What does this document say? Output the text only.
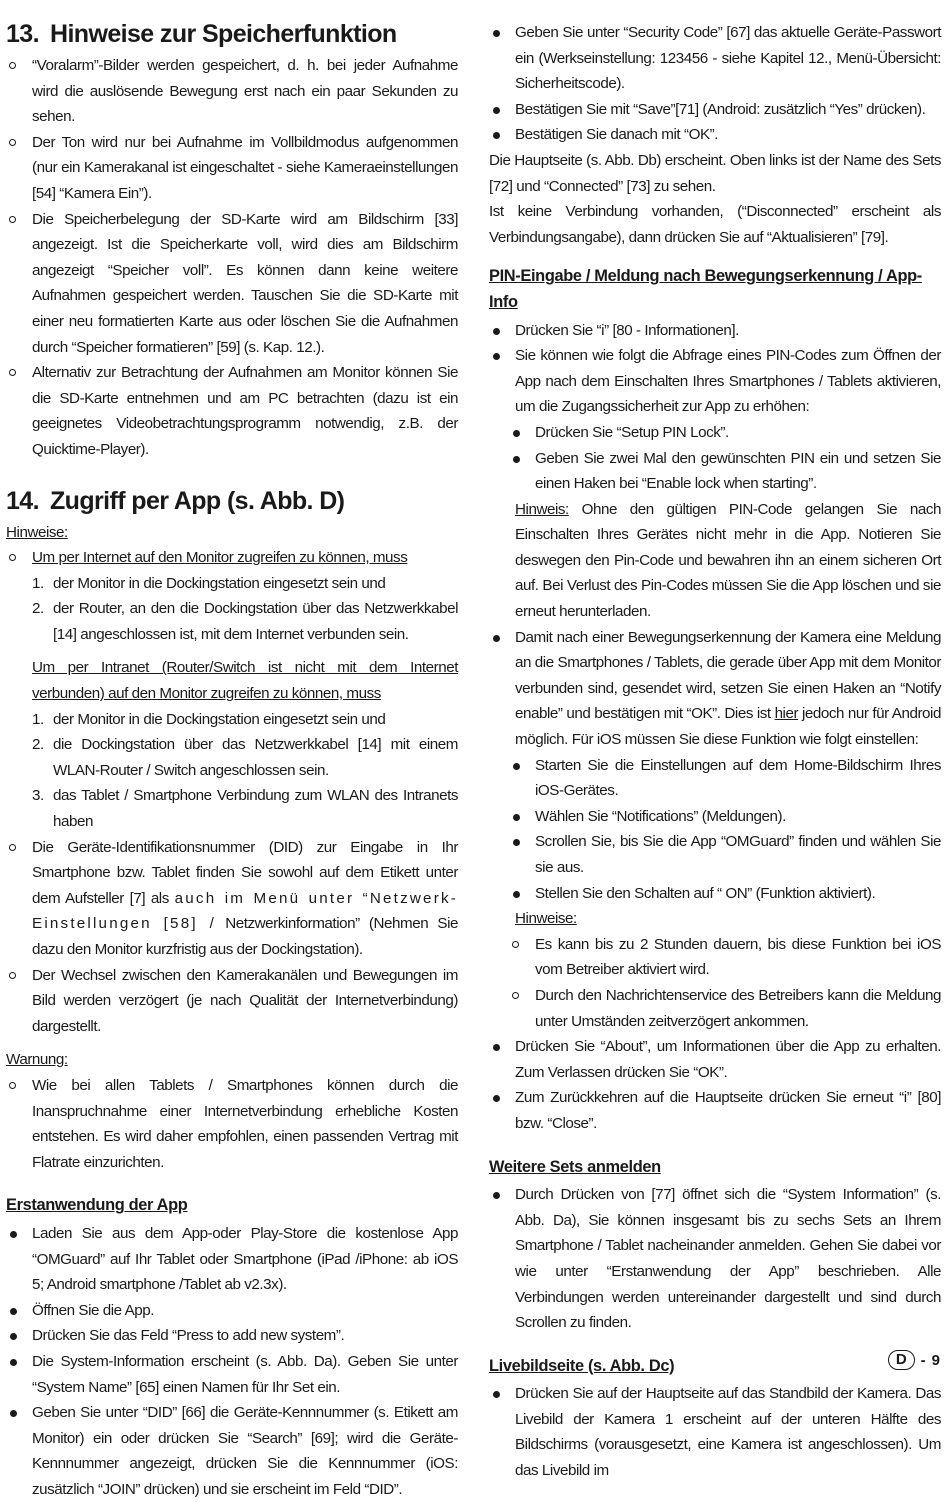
13. Hinweise zur Speicherfunktion
“Voralarm”-Bilder werden gespeichert, d. h. bei jeder Aufnahme wird die auslösende Bewegung erst nach ein paar Sekunden zu sehen.
Der Ton wird nur bei Aufnahme im Vollbildmodus aufgenommen (nur ein Kamerakanal ist eingeschaltet - siehe Kameraeinstellungen [54] “Kamera Ein”).
Die Speicherbelegung der SD-Karte wird am Bildschirm [33] angezeigt. Ist die Speicherkarte voll, wird dies am Bildschirm angezeigt “Speicher voll”. Es können dann keine weitere Aufnahmen gespeichert werden. Tauschen Sie die SD-Karte mit einer neu formatierten Karte aus oder löschen Sie die Aufnahmen durch “Speicher formatieren” [59] (s. Kap. 12.).
Alternativ zur Betrachtung der Aufnahmen am Monitor können Sie die SD-Karte entnehmen und am PC betrachten (dazu ist ein geeignetes Videobetrachtungsprogramm notwendig, z.B. der Quicktime-Player).
14. Zugriff per App (s. Abb. D)

Hinweise:

Um per Internet auf den Monitor zugreifen zu können, muss
1. der Monitor in die Dockingstation eingesetzt sein und
2. der Router, an den die Dockingstation über das Netzwerkkabel [14] angeschlossen ist, mit dem Internet verbunden sein.

Um per Intranet (Router/Switch ist nicht mit dem Internet verbunden) auf den Monitor zugreifen zu können, muss

1. der Monitor in die Dockingstation eingesetzt sein und
2. die Dockingstation über das Netzwerkkabel [14] mit einem WLAN-Router / Switch angeschlossen sein.
3. das Tablet / Smartphone Verbindung zum WLAN des Intranets haben
Die Geräte-Identifikationsnummer (DID) zur Eingabe in Ihr Smartphone bzw. Tablet finden Sie sowohl auf dem Etikett unter dem Aufsteller [7] als auch im Menü unter “Netzwerk-Einstellungen [58] / Netzwerkinformation” (Nehmen Sie dazu den Monitor kurzfristig aus der Dockingstation).
Der Wechsel zwischen den Kamerakanälen und Bewegungen im Bild werden verzögert (je nach Qualität der Internetverbindung) dargestellt.

Warnung:

Wie bei allen Tablets / Smartphones können durch die Inanspruchnahme einer Internetverbindung erhebliche Kosten entstehen. Es wird daher empfohlen, einen passenden Vertrag mit Flatrate einzurichten.
Erstanwendung der App
Laden Sie aus dem App-oder Play-Store die kostenlose App “OMGuard” auf Ihr Tablet oder Smartphone (iPad /iPhone: ab iOS 5; Android smartphone /Tablet ab v2.3x).
Öffnen Sie die App.
Drücken Sie das Feld “Press to add new system”.
Die System-Information erscheint (s. Abb. Da). Geben Sie unter “System Name” [65] einen Namen für Ihr Set ein.
Geben Sie unter “DID” [66] die Geräte-Kennnummer (s. Etikett am Monitor) ein oder drücken Sie “Search” [69]; wird die Geräte-Kennnummer angezeigt, drücken Sie die Kennnummer (iOS: zusätzlich “JOIN” drücken) und sie erscheint im Feld “DID”.
Geben Sie unter “Security Code” [67] das aktuelle Geräte-Passwort ein (Werkseinstellung: 123456 - siehe Kapitel 12., Menü-Übersicht: Sicherheitscode).
Bestätigen Sie mit “Save”[71] (Android: zusätzlich “Yes” drücken).
Bestätigen Sie danach mit “OK”.

Die Hauptseite (s. Abb. Db) erscheint. Oben links ist der Name des Sets [72] und “Connected” [73] zu sehen.

Ist keine Verbindung vorhanden, (“Disconnected” erscheint als Verbindungsangabe), dann drücken Sie auf “Aktualisieren” [79].

PIN-Eingabe / Meldung nach Bewegungserkennung / App-Info
Drücken Sie “i” [80 - Informationen].
Sie können wie folgt die Abfrage eines PIN-Codes zum Öffnen der App nach dem Einschalten Ihres Smartphones / Tablets aktivieren, um die Zugangssicherheit zur App zu erhöhen:
Drücken Sie “Setup PIN Lock”.
Geben Sie zwei Mal den gewünschten PIN ein und setzen Sie einen Haken bei “Enable lock when starting”.

Hinweis: Ohne den gültigen PIN-Code gelangen Sie nach Einschalten Ihres Gerätes nicht mehr in die App. Notieren Sie deswegen den Pin-Code und bewahren ihn an einem sicheren Ort auf. Bei Verlust des Pin-Codes müssen Sie die App löschen und sie erneut herunterladen.

Damit nach einer Bewegungserkennung der Kamera eine Meldung an die Smartphones / Tablets, die gerade über App mit dem Monitor verbunden sind, gesendet wird, setzen Sie einen Haken an “Notify enable” und bestätigen mit “OK”. Dies ist hier jedoch nur für Android möglich. Für iOS müssen Sie diese Funktion wie folgt einstellen:
Starten Sie die Einstellungen auf dem Home-Bildschirm Ihres iOS-Gerätes.
Wählen Sie “Notifications” (Meldungen).
Scrollen Sie, bis Sie die App “OMGuard” finden und wählen Sie sie aus.
Stellen Sie den Schalten auf “ ON” (Funktion aktiviert).

Hinweise:

Es kann bis zu 2 Stunden dauern, bis diese Funktion bei iOS vom Betreiber aktiviert wird.
Durch den Nachrichtenservice des Betreibers kann die Meldung unter Umständen zeitverzögert ankommen.
Drücken Sie “About”, um Informationen über die App zu erhalten. Zum Verlassen drücken Sie “OK”.
Zum Zurückkehren auf die Hauptseite drücken Sie erneut “i” [80] bzw. “Close”.
Weitere Sets anmelden
Durch Drücken von [77] öffnet sich die “System Information” (s. Abb. Da), Sie können insgesamt bis zu sechs Sets an Ihrem Smartphone / Tablet nacheinander anmelden. Gehen Sie dabei vor wie unter “Erstanwendung der App” beschrieben. Alle Verbindungen werden untereinander dargestellt und sind durch Scrollen zu finden.
Livebildseite (s. Abb. Dc)
Drücken Sie auf der Hauptseite auf das Standbild der Kamera. Das Livebild der Kamera 1 erscheint auf der unteren Hälfte des Bildschirms (vorausgesetzt, eine Kamera ist angeschlossen). Um das Livebild im
D - 9
